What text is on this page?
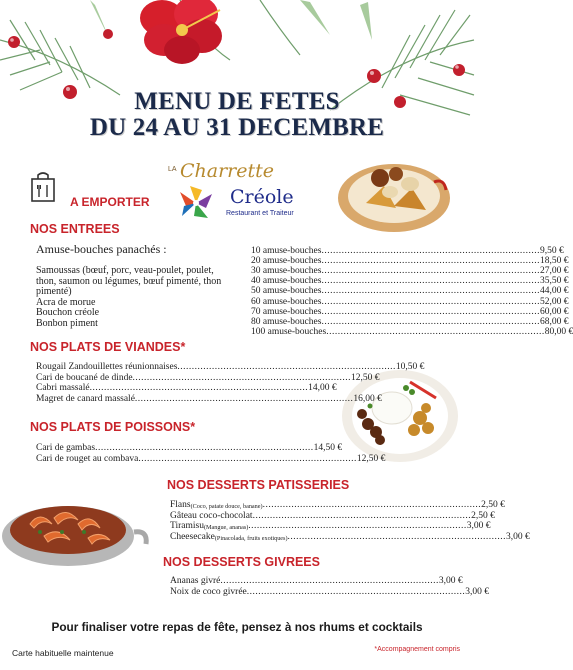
MENU DE FETES
DU 24 AU 31 DECEMBRE
A EMPORTER
LA Charrette
Créole
Restaurant et Traiteur
NOS ENTREES
Amuse-bouches panachés :
Samoussas (bœuf, porc, veau-poulet, poulet,
thon, saumon ou légumes, bœuf pimenté, thon
pimenté)
Acra de morue
Bouchon créole
Bonbon piment
10 amuse-bouches ............................................................................ 9,50 €
20 amuse-bouches ............................................................................ 18,50 €
30 amuse-bouches ............................................................................ 27,00 €
40 amuse-bouches ............................................................................ 35,50 €
50 amuse-bouches ............................................................................ 44,00 €
60 amuse-bouches ............................................................................ 52,00 €
70 amuse-bouches ............................................................................ 60,00 €
80 amuse-bouches ............................................................................ 68,00 €
100 amuse-bouches ............................................................................ 80,00 €
NOS PLATS DE VIANDES*
Rougail Zandouillettes réunionnaises ............................................................................ 10,50 €
Cari de boucané de dinde ............................................................................ 12,50 €
Cabri massalé ............................................................................ 14,00 €
Magret de canard massalé ............................................................................ 16,00 €
NOS PLATS DE POISSONS*
Cari de gambas ............................................................................ 14,50 €
Cari de rouget au combava ............................................................................ 12,50 €
NOS DESSERTS PATISSERIES
Flans (Coco, patate douce, banane) ............................................................................ 2,50 €
Gâteau coco-chocolat ............................................................................ 2,50 €
Tiramisu (Mangue, ananas) ............................................................................ 3,00 €
Cheesecake (Pinacolada, fruits exotiques) ............................................................................ 3,00 €
NOS DESSERTS GIVREES
Ananas givré ............................................................................ 3,00 €
Noix de coco givrée ............................................................................ 3,00 €
Pour finaliser votre repas de fête, pensez à nos rhums et cocktails
Carte habituelle maintenue	*Accompagnement compris
